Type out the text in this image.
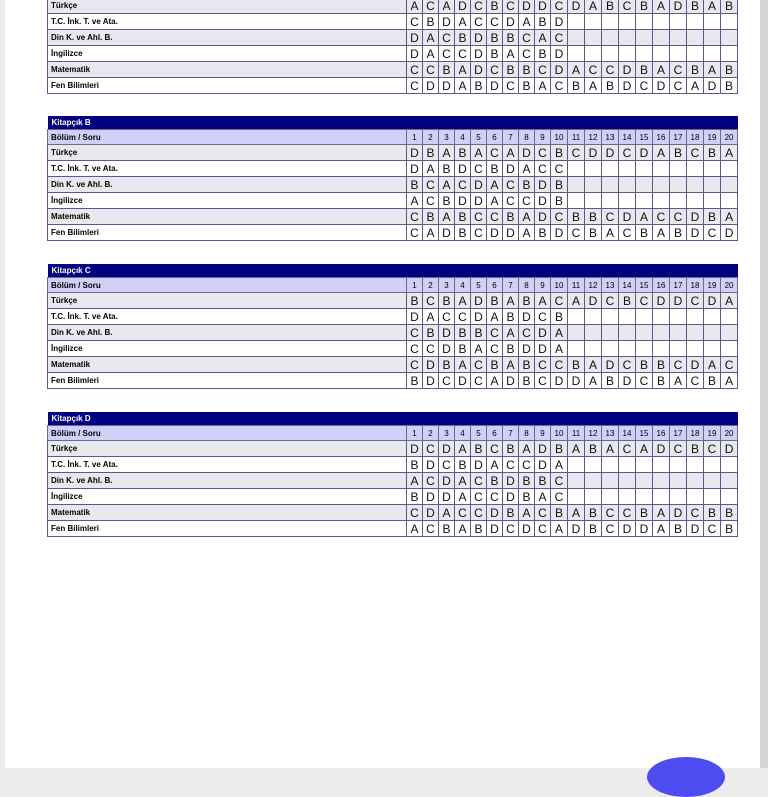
Türkçe	A	C	A	D	C	B	C	D	D	C	D	A	B	C	B	A	D	B	A	B
T.C. İnk. T. ve Ata.	C	B	D	A	C	C	D	A	B	D										
Din K. ve Ahl. B.	D	A	C	B	D	B	B	C	A	C										
İngilizce	D	A	C	C	D	B	A	C	B	D										
Matematik	C	C	B	A	D	C	B	B	C	D	A	C	C	D	B	A	C	B	A	B
Fen Bilimleri	C	D	D	A	B	D	C	B	A	C	B	A	B	D	C	D	C	A	D	B
Kitapçık B																				
Bölüm / Soru	1	2	3	4	5	6	7	8	9	10	11	12	13	14	15	16	17	18	19	20
Türkçe	D	B	A	B	A	C	A	D	C	B	C	D	D	C	D	A	B	C	B	A
T.C. İnk. T. ve Ata.	D	A	B	D	C	B	D	A	C	C										
Din K. ve Ahl. B.	B	C	A	C	D	A	C	B	D	B										
İngilizce	A	C	B	D	D	A	C	C	D	B										
Matematik	C	B	A	B	C	C	B	A	D	C	B	B	C	D	A	C	C	D	B	A
Fen Bilimleri	C	A	D	B	C	D	D	A	B	D	C	B	A	C	B	A	B	D	C	D
Kitapçık C																				
Bölüm / Soru	1	2	3	4	5	6	7	8	9	10	11	12	13	14	15	16	17	18	19	20
Türkçe	B	C	B	A	D	B	A	B	A	C	A	D	C	B	C	D	D	C	D	A
T.C. İnk. T. ve Ata.	D	A	C	C	D	A	B	D	C	B										
Din K. ve Ahl. B.	C	B	D	B	B	C	A	C	D	A										
İngilizce	C	C	D	B	A	C	B	D	D	A										
Matematik	C	D	B	A	C	B	A	B	C	C	B	A	D	C	B	B	C	D	A	C
Fen Bilimleri	B	D	C	D	C	A	D	B	C	D	D	A	B	D	C	B	A	C	B	A
Kitapçık D																				
Bölüm / Soru	1	2	3	4	5	6	7	8	9	10	11	12	13	14	15	16	17	18	19	20
Türkçe	D	C	D	A	B	C	B	A	D	B	A	B	A	C	A	D	C	B	C	D
T.C. İnk. T. ve Ata.	B	D	C	B	D	A	C	C	D	A										
Din K. ve Ahl. B.	A	C	D	A	C	B	D	B	B	C										
İngilizce	B	D	D	A	C	C	D	B	A	C										
Matematik	C	D	A	C	C	D	B	A	C	B	A	B	C	C	B	A	D	C	B	B
Fen Bilimleri	A	C	B	A	B	D	C	D	C	A	D	B	C	D	D	A	B	D	C	B
